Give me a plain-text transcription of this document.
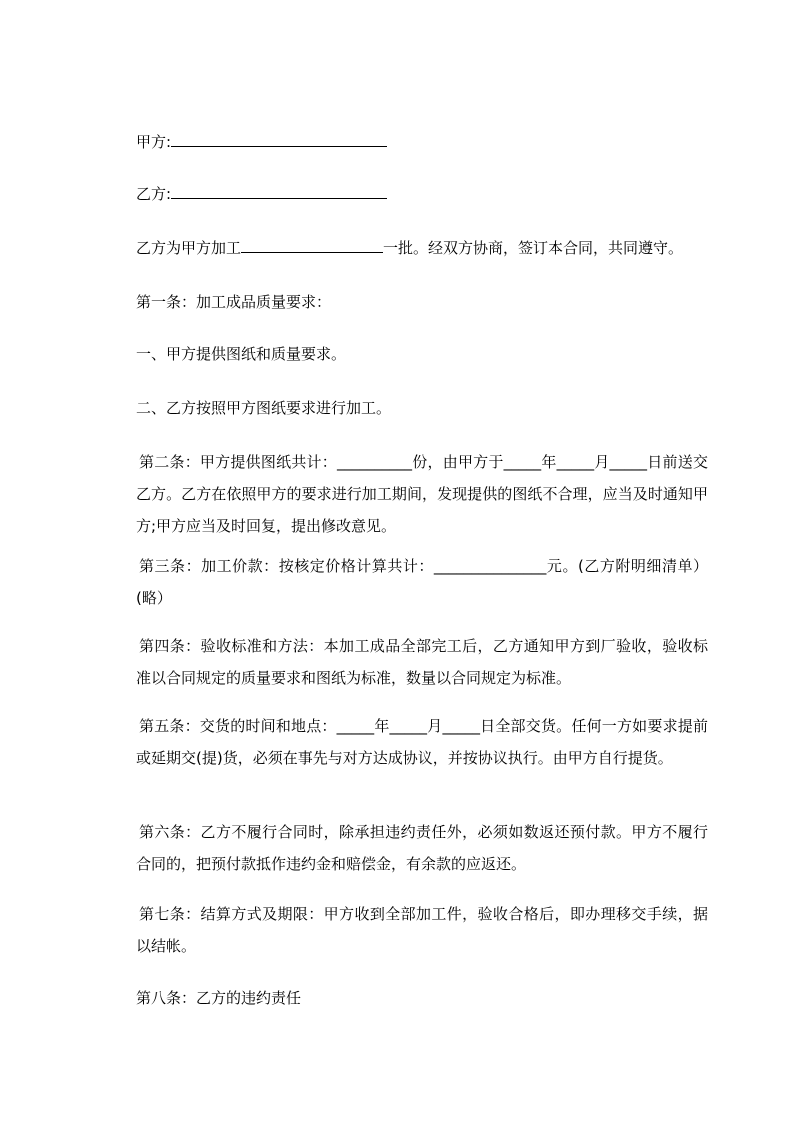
甲方:
乙方:
乙方为甲方加工	一批。经双方协商，签订本合同，共同遵守。
第一条：加工成品质量要求：
一、甲方提供图纸和质量要求。
二、乙方按照甲方图纸要求进行加工。
第二条：甲方提供图纸共计：__________份，由甲方于_____年_____月_____日前送交乙方。乙方在依照甲方的要求进行加工期间，发现提供的图纸不合理，应当及时通知甲方;甲方应当及时回复，提出修改意见。
第三条：加工价款：按核定价格计算共计：_______________元。(乙方附明细清单）(略）
第四条：验收标准和方法：本加工成品全部完工后，乙方通知甲方到厂验收，验收标准以合同规定的质量要求和图纸为标准，数量以合同规定为标准。
第五条：交货的时间和地点：_____年_____月_____日全部交货。任何一方如要求提前或延期交(提)货，必须在事先与对方达成协议，并按协议执行。由甲方自行提货。
第六条：乙方不履行合同时，除承担违约责任外，必须如数返还预付款。甲方不履行合同的，把预付款抵作违约金和赔偿金，有余款的应返还。
第七条：结算方式及期限：甲方收到全部加工件，验收合格后，即办理移交手续，据以结帐。
第八条：乙方的违约责任
